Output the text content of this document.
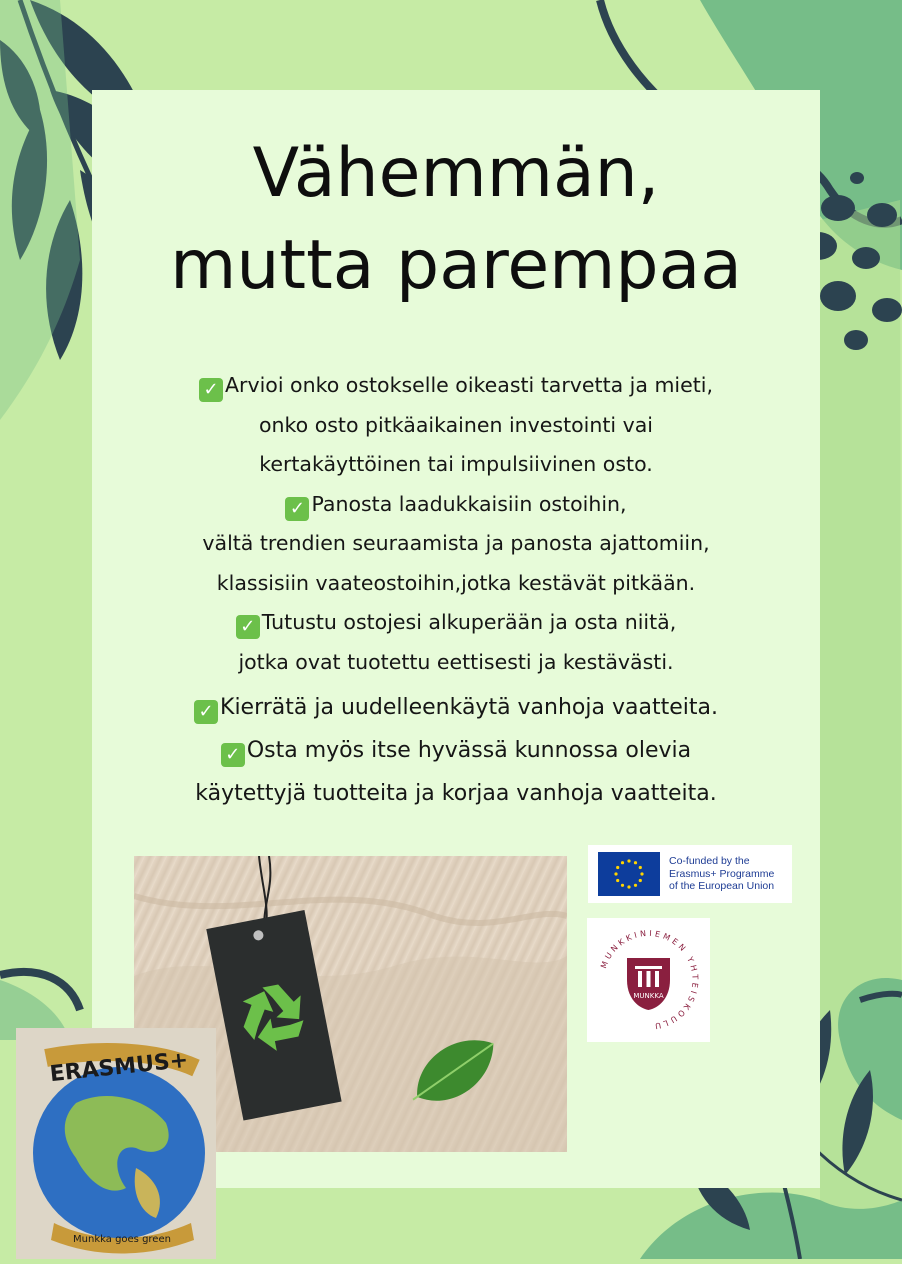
Vähemmän,
mutta parempaa
✓ Arvioi onko ostokselle oikeasti tarvetta ja mieti,
onko osto pitkäaikainen investointi vai
kertakäyttöinen tai impulsiivinen osto.
✓ Panosta laadukkaisiin ostoihin,
vältä trendien seuraamista ja panosta ajattomiin,
klassisiin vaateostoihin,jotka kestävät pitkään.
✓ Tutustu ostojesi alkuperään ja osta niitä,
jotka ovat tuotettu eettisesti ja kestävästi.
✓ Kierrätä ja uudelleenkäytä vanhoja vaatteita.
✓ Osta myös itse hyvässä kunnossa olevia
käytettyjä tuotteita ja korjaa vanhoja vaatteita.
Co-funded by the
Erasmus+ Programme
of the European Union
MUNKKINIEMEN YHTEISKOULU
MUNKKA
ERASMUS+
Munkka goes green
